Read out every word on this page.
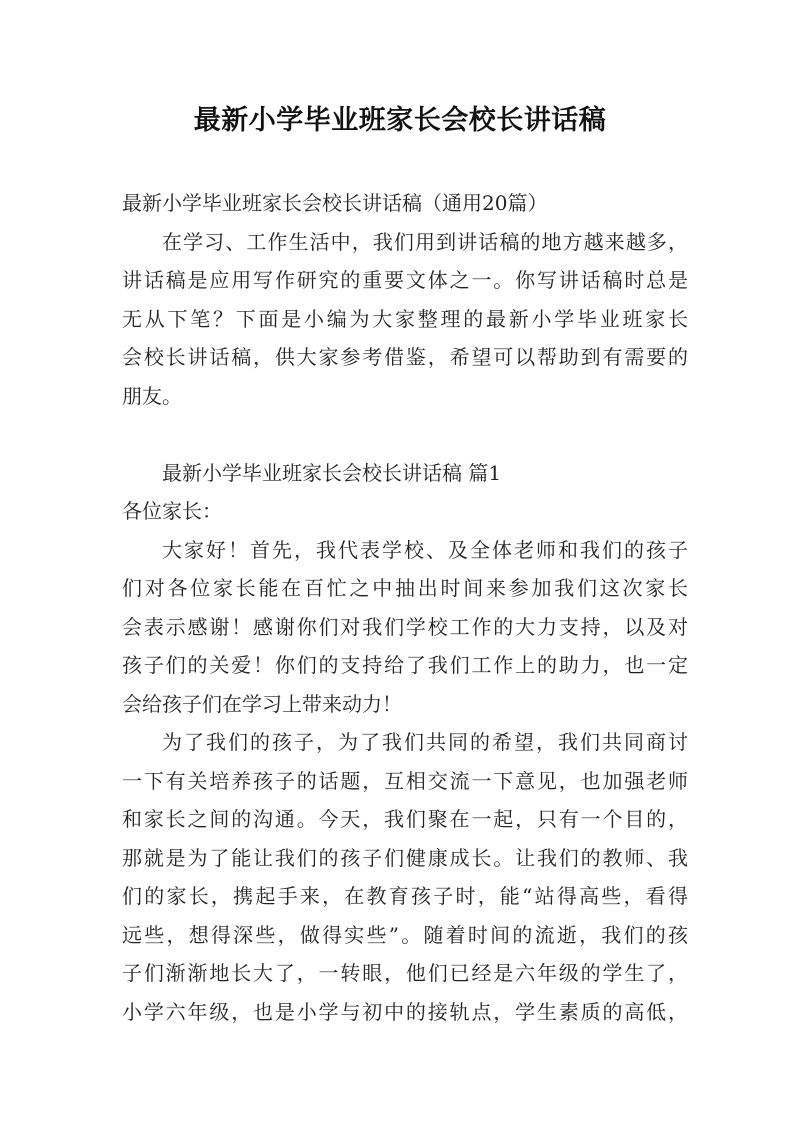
最新小学毕业班家长会校长讲话稿
最新小学毕业班家长会校长讲话稿（通用20篇）
在学习、工作生活中，我们用到讲话稿的地方越来越多，
讲话稿是应用写作研究的重要文体之一。你写讲话稿时总是
无从下笔？下面是小编为大家整理的最新小学毕业班家长
会校长讲话稿，供大家参考借鉴，希望可以帮助到有需要的
朋友。
最新小学毕业班家长会校长讲话稿 篇1
各位家长：
大家好！首先，我代表学校、及全体老师和我们的孩子
们对各位家长能在百忙之中抽出时间来参加我们这次家长
会表示感谢！感谢你们对我们学校工作的大力支持，以及对
孩子们的关爱！你们的支持给了我们工作上的助力，也一定
会给孩子们在学习上带来动力！
为了我们的孩子，为了我们共同的希望，我们共同商讨
一下有关培养孩子的话题，互相交流一下意见，也加强老师
和家长之间的沟通。今天，我们聚在一起，只有一个目的，
那就是为了能让我们的孩子们健康成长。让我们的教师、我
们的家长，携起手来，在教育孩子时，能“站得高些，看得
远些，想得深些，做得实些”。随着时间的流逝，我们的孩
子们渐渐地长大了，一转眼，他们已经是六年级的学生了，
小学六年级，也是小学与初中的接轨点，学生素质的高低，
